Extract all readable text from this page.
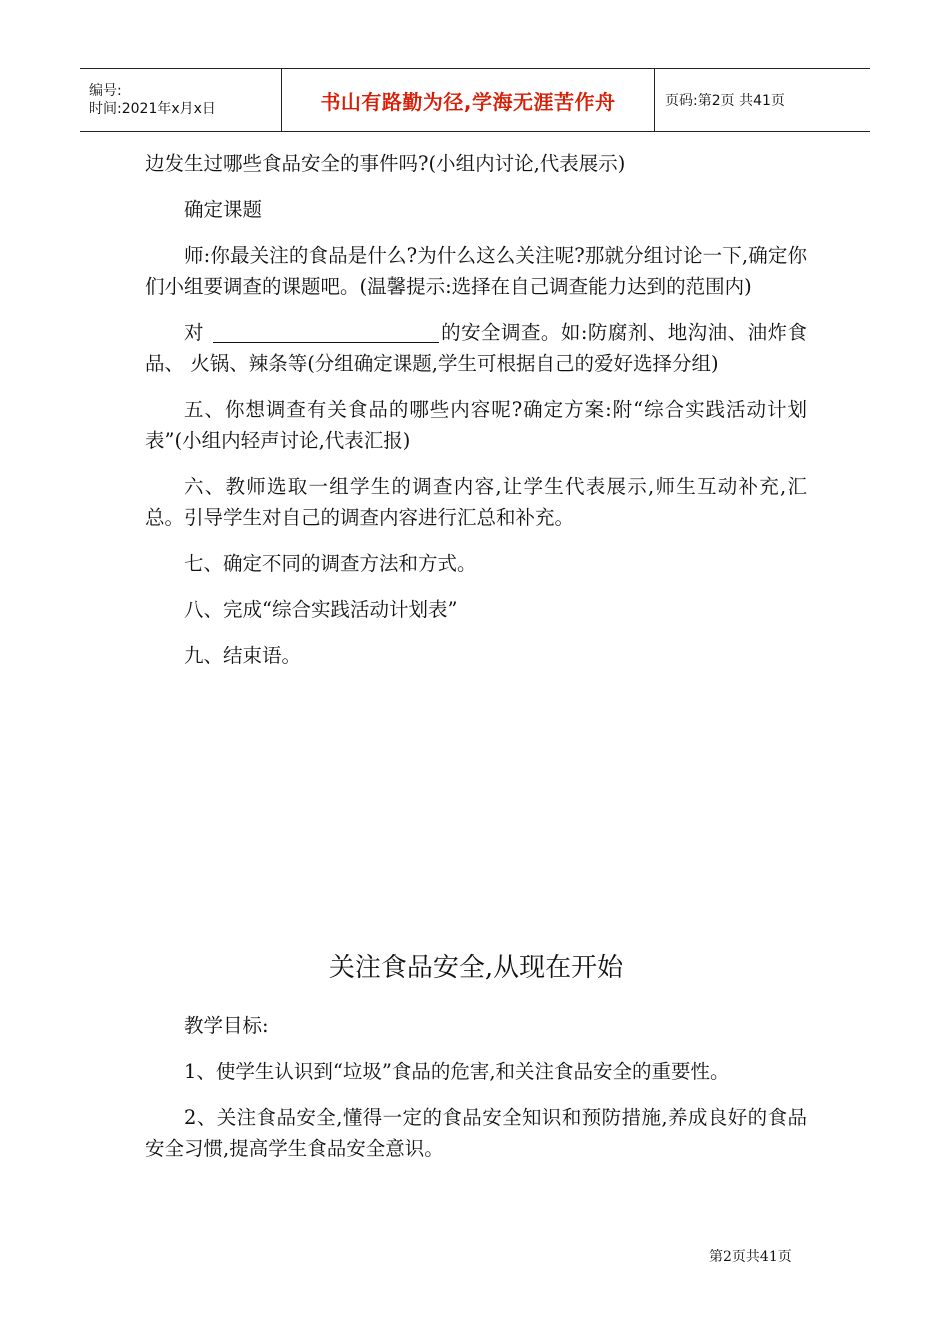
编号:
时间:2021年x月x日	书山有路勤为径,学海无涯苦作舟	页码:第2页 共41页

边发生过哪些食品安全的事件吗?(小组内讨论,代表展示)

确定课题

师:你最关注的食品是什么?为什么这么关注呢?那就分组讨论一下,确定你们小组要调查的课题吧。(温馨提示:选择在自己调查能力达到的范围内)

对	的安全调查。如:防腐剂、地沟油、油炸食品、 火锅、辣条等(分组确定课题,学生可根据自己的爱好选择分组)

五、你想调查有关食品的哪些内容呢?确定方案:附“综合实践活动计划表”(小组内轻声讨论,代表汇报)

六、教师选取一组学生的调查内容,让学生代表展示,师生互动补充,汇总。引导学生对自己的调查内容进行汇总和补充。

七、确定不同的调查方法和方式。

八、完成“综合实践活动计划表”

九、结束语。

关注食品安全,从现在开始

教学目标:

1、使学生认识到“垃圾”食品的危害,和关注食品安全的重要性。

2、关注食品安全,懂得一定的食品安全知识和预防措施,养成良好的食品安全习惯,提高学生食品安全意识。

第2页共41页
